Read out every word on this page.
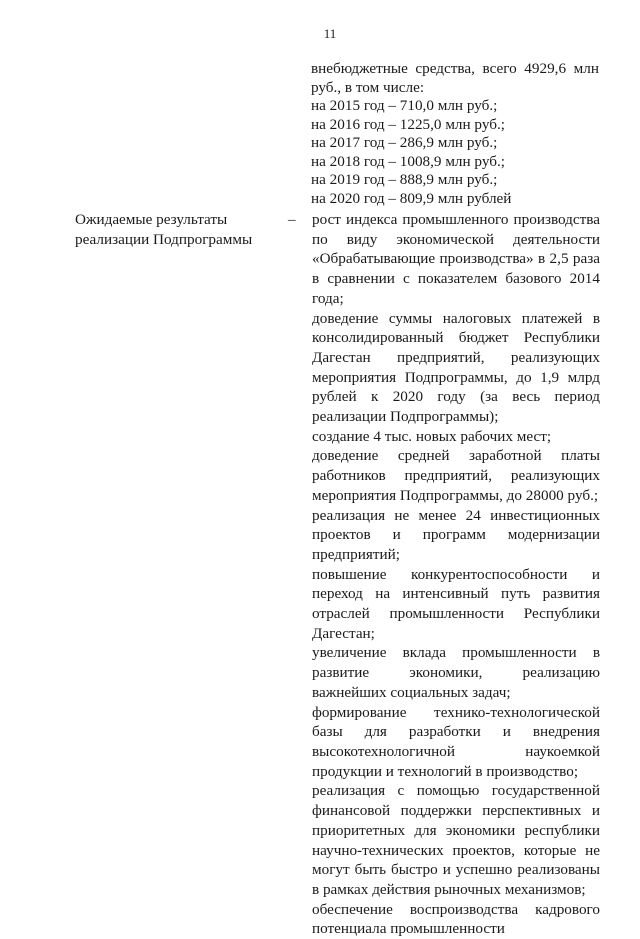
11
внебюджетные средства, всего 4929,6 млн руб., в том числе:
на 2015 год – 710,0 млн руб.;
на 2016 год – 1225,0 млн руб.;
на 2017 год – 286,9 млн руб.;
на 2018 год – 1008,9 млн руб.;
на 2019 год – 888,9 млн руб.;
на 2020 год – 809,9 млн рублей
Ожидаемые результаты реализации Подпрограммы
– рост индекса промышленного производства по виду экономической деятельности «Обрабатывающие производства» в 2,5 раза в сравнении с показателем базового 2014 года;
доведение суммы налоговых платежей в консолидированный бюджет Республики Дагестан предприятий, реализующих мероприятия Подпрограммы, до 1,9 млрд рублей к 2020 году (за весь период реализации Подпрограммы);
создание 4 тыс. новых рабочих мест;
доведение средней заработной платы работников предприятий, реализующих мероприятия Подпрограммы, до 28000 руб.;
реализация не менее 24 инвестиционных проектов и программ модернизации предприятий;
повышение конкурентоспособности и переход на интенсивный путь развития отраслей промышленности Республики Дагестан;
увеличение вклада промышленности в развитие экономики, реализацию важнейших социальных задач;
формирование технико-технологической базы для разработки и внедрения высокотехнологичной наукоемкой продукции и технологий в производство;
реализация с помощью государственной финансовой поддержки перспективных и приоритетных для экономики республики научно-технических проектов, которые не могут быть быстро и успешно реализованы в рамках действия рыночных механизмов;
обеспечение воспроизводства кадрового потенциала промышленности
